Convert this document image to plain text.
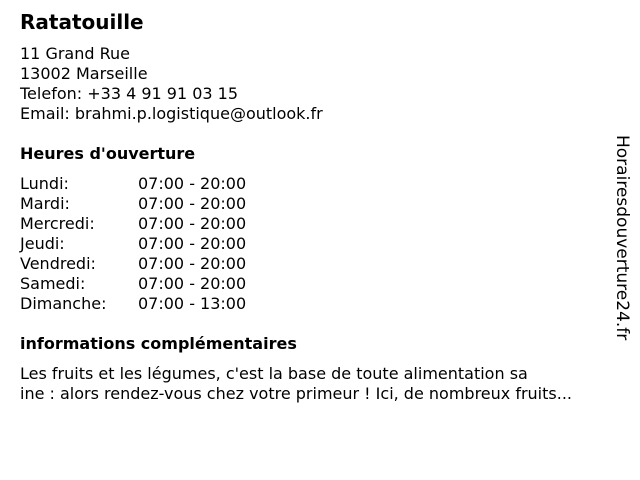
Ratatouille
11 Grand Rue
13002 Marseille
Telefon: +33 4 91 91 03 15
Email: brahmi.p.logistique@outlook.fr
Heures d'ouverture
Lundi:	07:00 - 20:00
Mardi:	07:00 - 20:00
Mercredi:	07:00 - 20:00
Jeudi:	07:00 - 20:00
Vendredi:	07:00 - 20:00
Samedi:	07:00 - 20:00
Dimanche: 07:00 - 13:00
informations complémentaires
Les fruits et les légumes, c'est la base de toute alimentation sa
ine : alors rendez-vous chez votre primeur ! Ici, de nombreux fruits...
Horairesdouverture24.fr
